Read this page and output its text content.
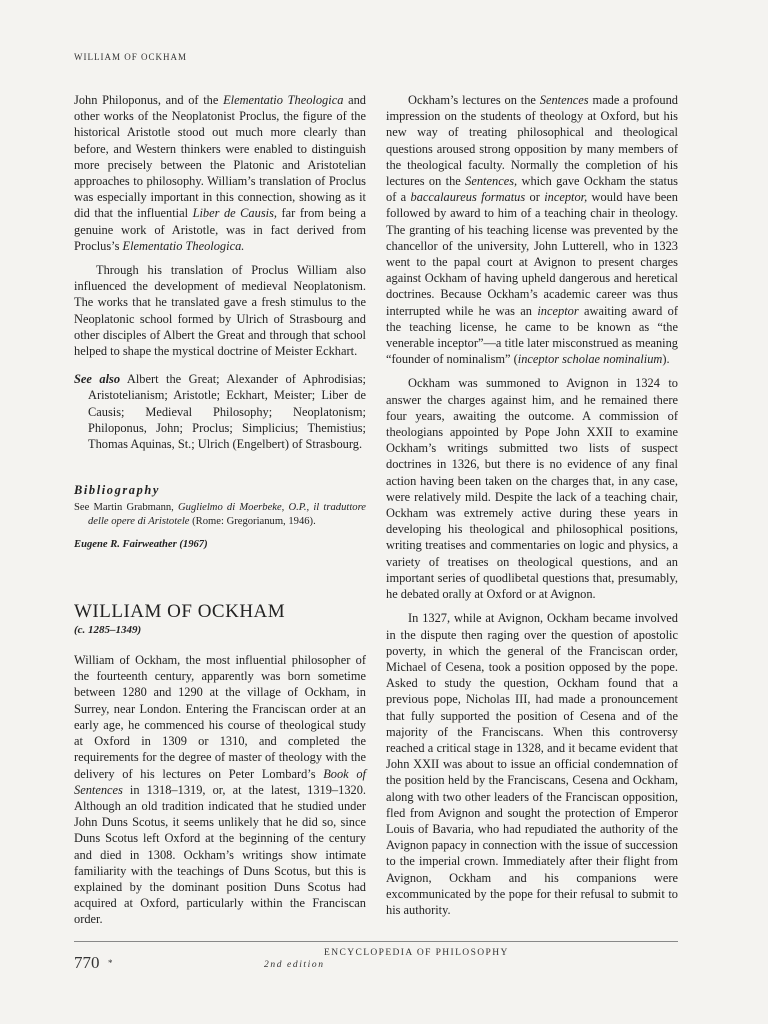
WILLIAM OF OCKHAM

John Philoponus, and of the Elementatio Theologica and other works of the Neoplatonist Proclus, the figure of the historical Aristotle stood out much more clearly than before, and Western thinkers were enabled to distinguish more precisely between the Platonic and Aristotelian approaches to philosophy. William’s translation of Proclus was especially important in this connection, showing as it did that the influential Liber de Causis, far from being a genuine work of Aristotle, was in fact derived from Proclus’s Elementatio Theologica.

Through his translation of Proclus William also influenced the development of medieval Neoplatonism. The works that he translated gave a fresh stimulus to the Neoplatonic school formed by Ulrich of Strasbourg and other disciples of Albert the Great and through that school helped to shape the mystical doctrine of Meister Eckhart.

See also Albert the Great; Alexander of Aphrodisias; Aristotelianism; Aristotle; Eckhart, Meister; Liber de Causis; Medieval Philosophy; Neoplatonism; Philoponus, John; Proclus; Simplicius; Themistius; Thomas Aquinas, St.; Ulrich (Engelbert) of Strasbourg.

Bibliography

See Martin Grabmann, Guglielmo di Moerbeke, O.P., il traduttore delle opere di Aristotele (Rome: Gregorianum, 1946).

Eugene R. Fairweather (1967)

WILLIAM OF OCKHAM
(c. 1285–1349)

William of Ockham, the most influential philosopher of the fourteenth century, apparently was born sometime between 1280 and 1290 at the village of Ockham, in Surrey, near London. Entering the Franciscan order at an early age, he commenced his course of theological study at Oxford in 1309 or 1310, and completed the requirements for the degree of master of theology with the delivery of his lectures on Peter Lombard’s Book of Sentences in 1318–1319, or, at the latest, 1319–1320. Although an old tradition indicated that he studied under John Duns Scotus, it seems unlikely that he did so, since Duns Scotus left Oxford at the beginning of the century and died in 1308. Ockham’s writings show intimate familiarity with the teachings of Duns Scotus, but this is explained by the dominant position Duns Scotus had acquired at Oxford, particularly within the Franciscan order.

Ockham’s lectures on the Sentences made a profound impression on the students of theology at Oxford, but his new way of treating philosophical and theological questions aroused strong opposition by many members of the theological faculty. Normally the completion of his lectures on the Sentences, which gave Ockham the status of a baccalaureus formatus or inceptor, would have been followed by award to him of a teaching chair in theology. The granting of his teaching license was prevented by the chancellor of the university, John Lutterell, who in 1323 went to the papal court at Avignon to present charges against Ockham of having upheld dangerous and heretical doctrines. Because Ockham’s academic career was thus interrupted while he was an inceptor awaiting award of the teaching license, he came to be known as “the venerable inceptor”—a title later misconstrued as meaning “founder of nominalism” (inceptor scholae nominalium).

Ockham was summoned to Avignon in 1324 to answer the charges against him, and he remained there four years, awaiting the outcome. A commission of theologians appointed by Pope John XXII to examine Ockham’s writings submitted two lists of suspect doctrines in 1326, but there is no evidence of any final action having been taken on the charges that, in any case, were relatively mild. Despite the lack of a teaching chair, Ockham was extremely active during these years in developing his theological and philosophical positions, writing treatises and commentaries on logic and physics, a variety of treatises on theological questions, and an important series of quodlibetal questions that, presumably, he debated orally at Oxford or at Avignon.

In 1327, while at Avignon, Ockham became involved in the dispute then raging over the question of apostolic poverty, in which the general of the Franciscan order, Michael of Cesena, took a position opposed by the pope. Asked to study the question, Ockham found that a previous pope, Nicholas III, had made a pronouncement that fully supported the position of Cesena and of the majority of the Franciscans. When this controversy reached a critical stage in 1328, and it became evident that John XXII was about to issue an official condemnation of the position held by the Franciscans, Cesena and Ockham, along with two other leaders of the Franciscan opposition, fled from Avignon and sought the protection of Emperor Louis of Bavaria, who had repudiated the authority of the Avignon papacy in connection with the issue of succession to the imperial crown. Immediately after their flight from Avignon, Ockham and his companions were excommunicated by the pope for their refusal to submit to his authority.

770 *
ENCYCLOPEDIA OF PHILOSOPHY
2nd edition
